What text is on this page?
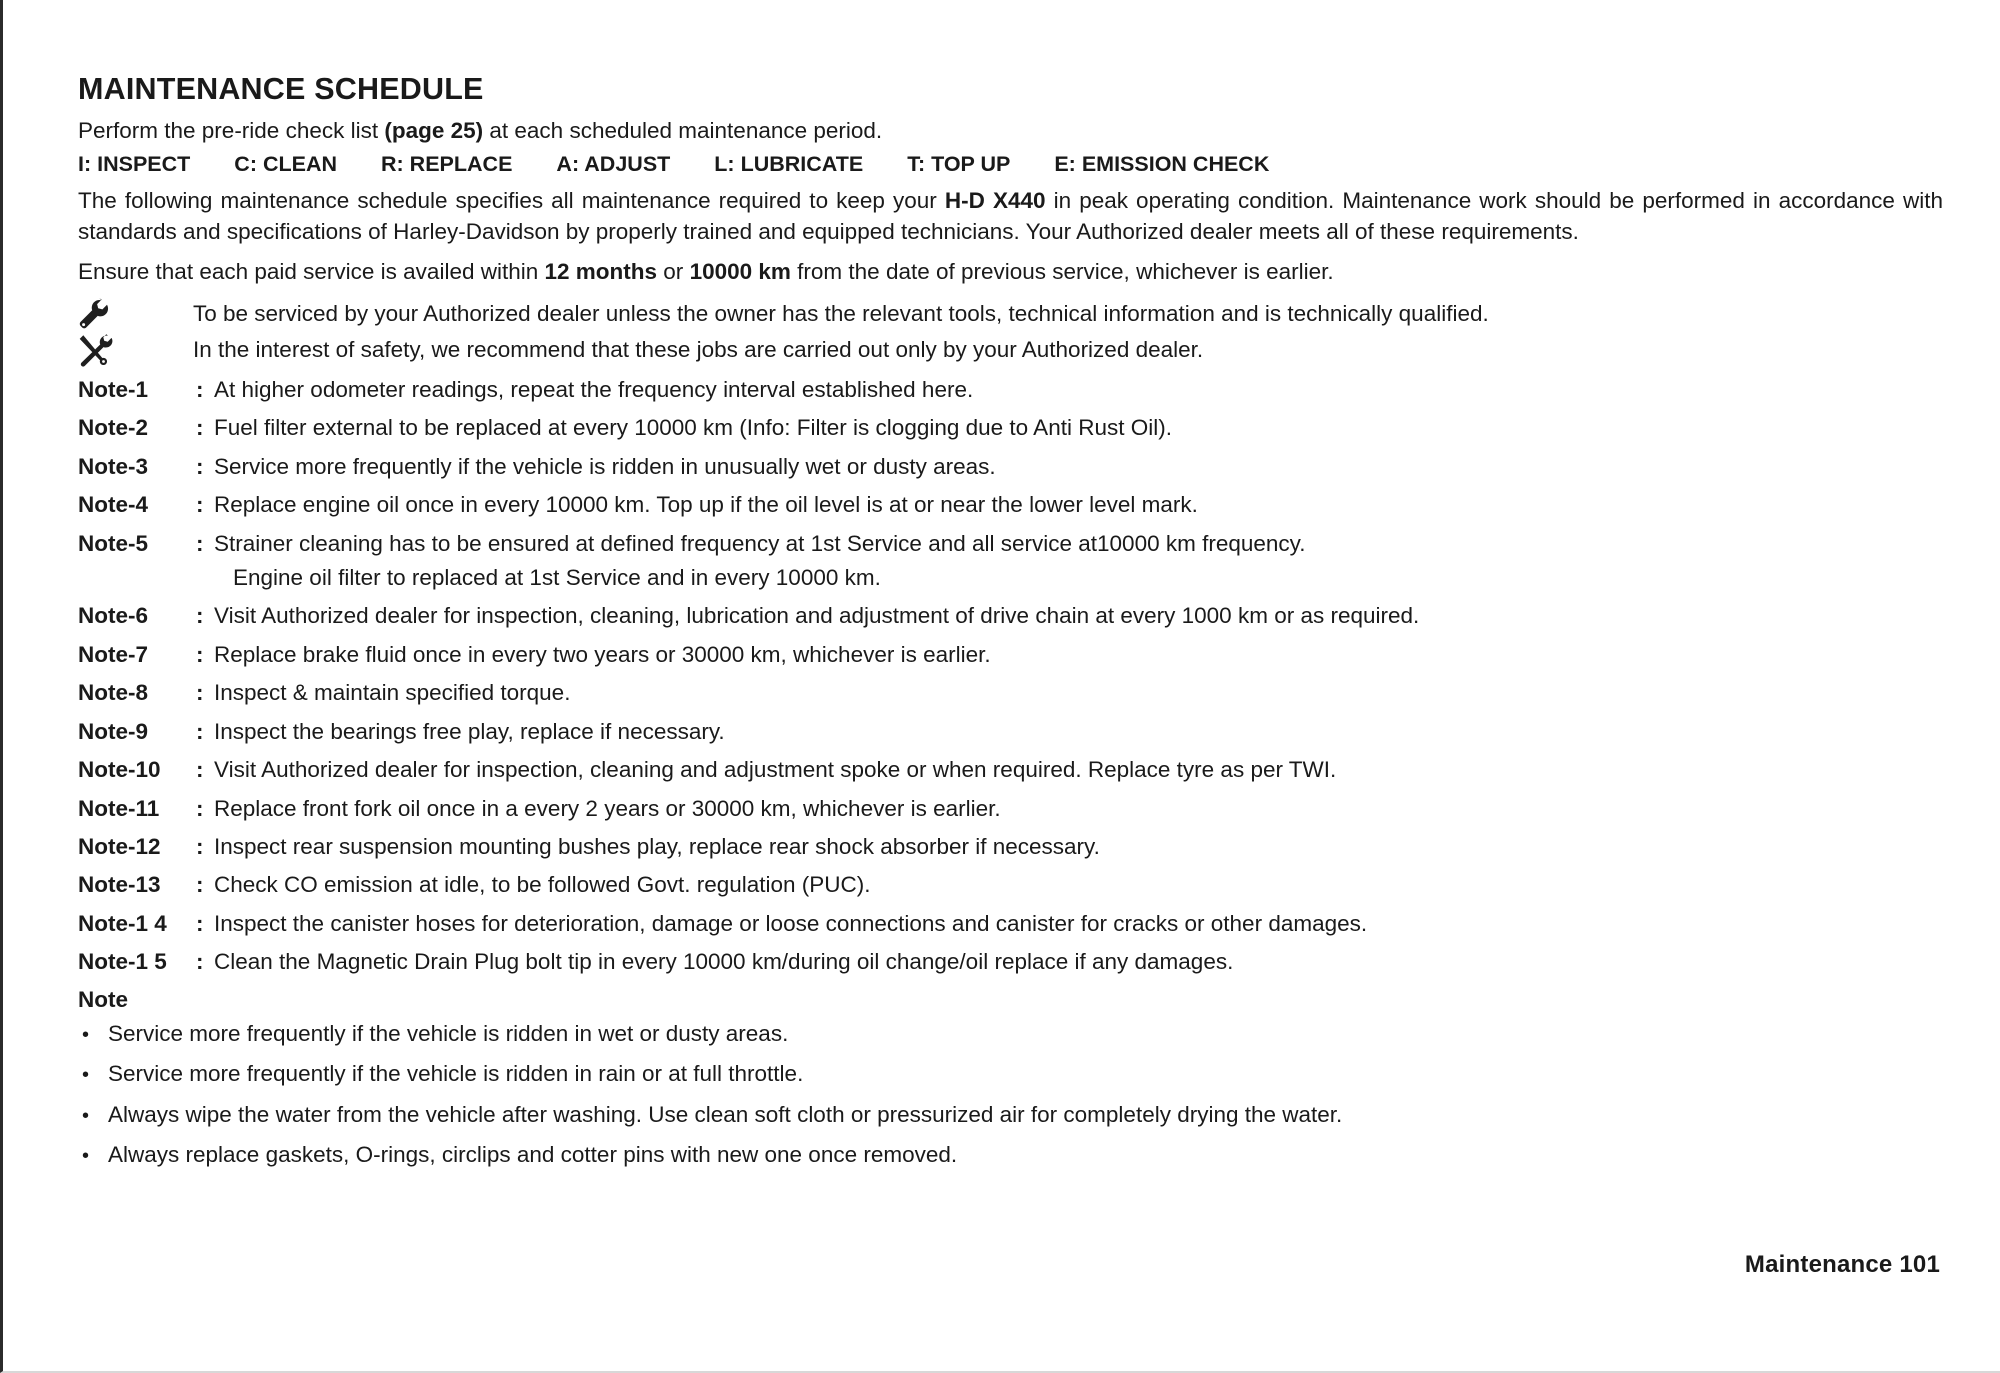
MAINTENANCE SCHEDULE

Perform the pre-ride check list (page 25) at each scheduled maintenance period.

I: INSPECT C: CLEAN R: REPLACE A: ADJUST L: LUBRICATE T: TOP UP E: EMISSION CHECK

The following maintenance schedule specifies all maintenance required to keep your H-D X440 in peak operating condition. Maintenance work should be performed in accordance with standards and specifications of Harley-Davidson by properly trained and equipped technicians. Your Authorized dealer meets all of these requirements.

Ensure that each paid service is availed within 12 months or 10000 km from the date of previous service, whichever is earlier.

To be serviced by your Authorized dealer unless the owner has the relevant tools, technical information and is technically qualified.
In the interest of safety, we recommend that these jobs are carried out only by your Authorized dealer.
Note-1	: At higher odometer readings, repeat the frequency interval established here.
Note-2	: Fuel filter external to be replaced at every 10000 km (Info: Filter is clogging due to Anti Rust Oil).
Note-3	: Service more frequently if the vehicle is ridden in unusually wet or dusty areas.
Note-4	: Replace engine oil once in every 10000 km. Top up if the oil level is at or near the lower level mark.
Note-5	: Strainer cleaning has to be ensured at defined frequency at 1st Service and all service at10000 km frequency.
Engine oil filter to replaced at 1st Service and in every 10000 km.
Note-6	: Visit Authorized dealer for inspection, cleaning, lubrication and adjustment of drive chain at every 1000 km or as required.
Note-7	: Replace brake fluid once in every two years or 30000 km, whichever is earlier.
Note-8	: Inspect & maintain specified torque.
Note-9	: Inspect the bearings free play, replace if necessary.
Note-10	: Visit Authorized dealer for inspection, cleaning and adjustment spoke or when required. Replace tyre as per TWI.
Note-11	: Replace front fork oil once in a every 2 years or 30000 km, whichever is earlier.
Note-12	: Inspect rear suspension mounting bushes play, replace rear shock absorber if necessary.
Note-13	: Check CO emission at idle, to be followed Govt. regulation (PUC).
Note-1 4	: Inspect the canister hoses for deterioration, damage or loose connections and canister for cracks or other damages.
Note-1 5	: Clean the Magnetic Drain Plug bolt tip in every 10000 km/during oil change/oil replace if any damages.
Note
• Service more frequently if the vehicle is ridden in wet or dusty areas.
• Service more frequently if the vehicle is ridden in rain or at full throttle.
• Always wipe the water from the vehicle after washing. Use clean soft cloth or pressurized air for completely drying the water.
• Always replace gaskets, O-rings, circlips and cotter pins with new one once removed.
Maintenance 101
